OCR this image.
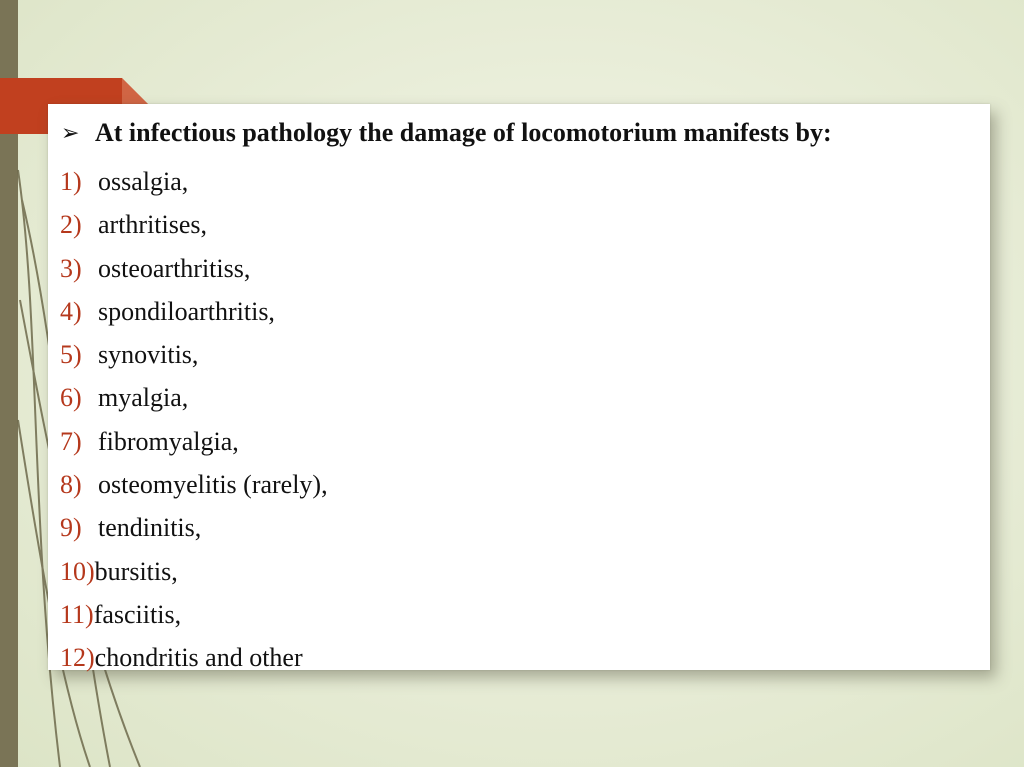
➢ At infectious pathology the damage of locomotorium manifests by:
1) ossalgia,
2) arthritises,
3) osteoarthritiss,
4) spondiloarthritis,
5) synovitis,
6) myalgia,
7) fibromyalgia,
8) osteomyelitis (rarely),
9) tendinitis,
10)bursitis,
11)fasciitis,
12)chondritis and other
